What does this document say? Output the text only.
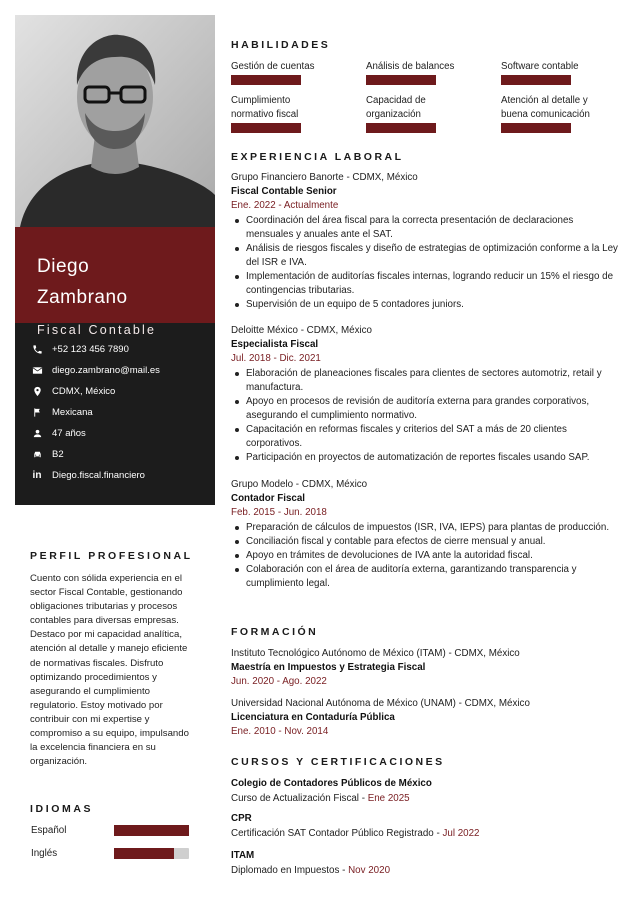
Diego
Zambrano
Fiscal Contable
+52 123 456 7890
diego.zambrano@mail.es
CDMX, México
Mexicana
47 años
B2
in Diego.fiscal.financiero
PERFIL PROFESIONAL
Cuento con sólida experiencia en el sector Fiscal Contable, gestionando obligaciones tributarias y procesos contables para diversas empresas. Destaco por mi capacidad analítica, atención al detalle y manejo eficiente de normativas fiscales. Disfruto optimizando procedimientos y asegurando el cumplimiento regulatorio. Estoy motivado por contribuir con mi expertise y compromiso a su equipo, impulsando la excelencia financiera en su organización.
IDIOMAS
Español
Inglés
HABILIDADES
Gestión de cuentas	Análisis de balances	Software contable
Cumplimiento
normativo fiscal
Capacidad de
organización
Atención al detalle y
buena comunicación
EXPERIENCIA LABORAL
Grupo Financiero Banorte - CDMX, México
Fiscal Contable Senior
Ene. 2022 - Actualmente
Coordinación del área fiscal para la correcta presentación de declaraciones mensuales y anuales ante el SAT.
Análisis de riesgos fiscales y diseño de estrategias de optimización conforme a la Ley del ISR e IVA.
Implementación de auditorías fiscales internas, logrando reducir un 15% el riesgo de contingencias tributarias.
Supervisión de un equipo de 5 contadores juniors.
Deloitte México - CDMX, México
Especialista Fiscal
Jul. 2018 - Dic. 2021
Elaboración de planeaciones fiscales para clientes de sectores automotriz, retail y manufactura.
Apoyo en procesos de revisión de auditoría externa para grandes corporativos, asegurando el cumplimiento normativo.
Capacitación en reformas fiscales y criterios del SAT a más de 20 clientes corporativos.
Participación en proyectos de automatización de reportes fiscales usando SAP.
Grupo Modelo - CDMX, México
Contador Fiscal
Feb. 2015 - Jun. 2018
Preparación de cálculos de impuestos (ISR, IVA, IEPS) para plantas de producción.
Conciliación fiscal y contable para efectos de cierre mensual y anual.
Apoyo en trámites de devoluciones de IVA ante la autoridad fiscal.
Colaboración con el área de auditoría externa, garantizando transparencia y cumplimiento legal.
FORMACIÓN
Instituto Tecnológico Autónomo de México (ITAM) - CDMX, México
Maestría en Impuestos y Estrategia Fiscal
Jun. 2020 - Ago. 2022
Universidad Nacional Autónoma de México (UNAM) - CDMX, México
Licenciatura en Contaduría Pública
Ene. 2010 - Nov. 2014
CURSOS Y CERTIFICACIONES
Colegio de Contadores Públicos de México
Curso de Actualización Fiscal - Ene 2025
CPR
Certificación SAT Contador Público Registrado - Jul 2022
ITAM
Diplomado en Impuestos - Nov 2020
